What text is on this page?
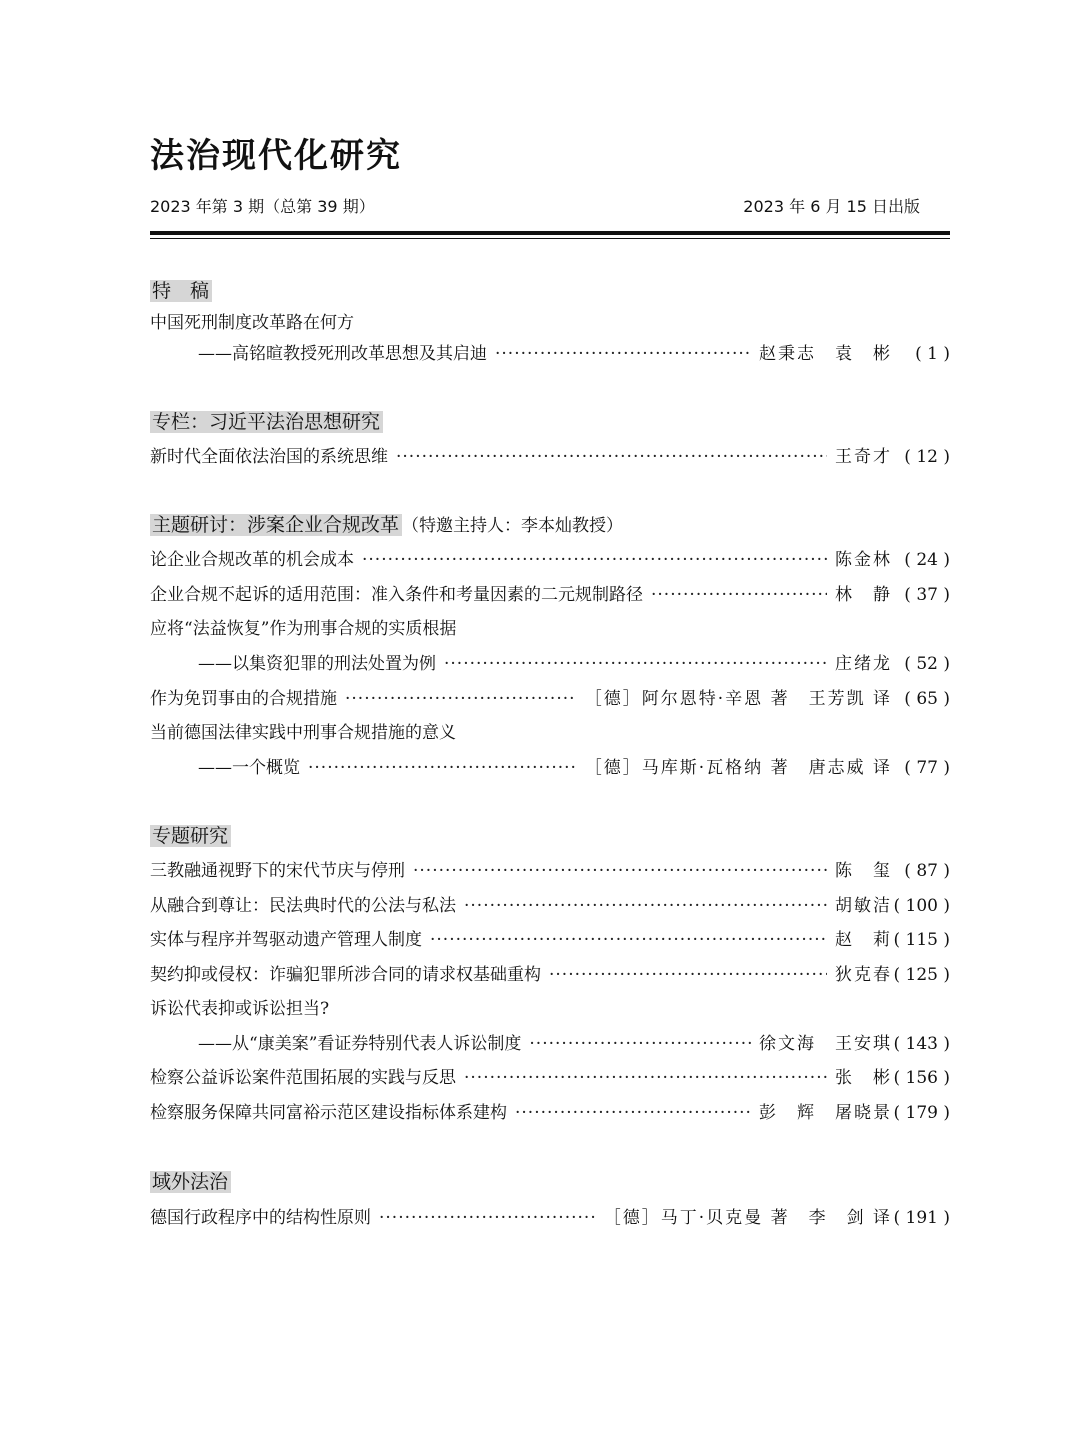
法治现代化研究
2023 年第 3 期（总第 39 期）	2023 年 6 月 15 日出版
特　稿
中国死刑制度改革路在何方
——高铭暄教授死刑改革思想及其启迪 ·····	赵秉志　袁　彬	( 1 )
专栏：习近平法治思想研究
新时代全面依法治国的系统思维 ·····	王奇才 ( 12 )
主题研讨：涉案企业合规改革 （特邀主持人：李本灿教授）
论企业合规改革的机会成本 ·····	陈金林 ( 24 )
企业合规不起诉的适用范围：准入条件和考量因素的二元规制路径 ·····	林　静 ( 37 )
应将“法益恢复”作为刑事合规的实质根据
——以集资犯罪的刑法处置为例 ·····	庄绪龙 ( 52 )
作为免罚事由的合规措施 ·····	［德］阿尔恩特·辛恩 著　王芳凯 译 ( 65 )
当前德国法律实践中刑事合规措施的意义
——一个概览 ·····	［德］马库斯·瓦格纳 著　唐志威 译 ( 77 )
专题研究
三教融通视野下的宋代节庆与停刑 ·····	陈　玺 ( 87 )
从融合到尊让：民法典时代的公法与私法 ·····	胡敏洁 ( 100 )
实体与程序并驾驱动遗产管理人制度 ·····	赵　莉 ( 115 )
契约抑或侵权：诈骗犯罪所涉合同的请求权基础重构 ·····	狄克春 ( 125 )
诉讼代表抑或诉讼担当?
——从“康美案”看证券特别代表人诉讼制度 ·····	徐文海　王安琪 ( 143 )
检察公益诉讼案件范围拓展的实践与反思 ·····	张　彬 ( 156 )
检察服务保障共同富裕示范区建设指标体系建构 ·····	彭　辉　屠晓景 ( 179 )
域外法治
德国行政程序中的结构性原则 ·····	［德］马丁·贝克曼 著　李　剑 译 ( 191 )
